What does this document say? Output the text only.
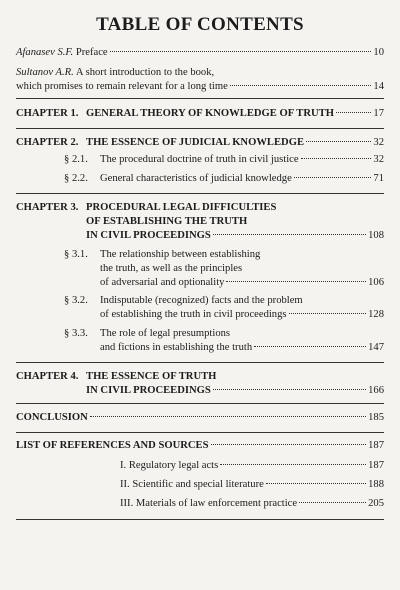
TABLE OF CONTENTS
Afanasev S.F. Preface	10
Sultanov A.R. A short introduction to the book,
which promises to remain relevant for a long time	14
CHAPTER 1. GENERAL THEORY OF KNOWLEDGE OF TRUTH	17
CHAPTER 2. THE ESSENCE OF JUDICIAL KNOWLEDGE	32
§ 2.1.	The procedural doctrine of truth in civil justice	32
§ 2.2.	General characteristics of judicial knowledge	71
CHAPTER 3. PROCEDURAL LEGAL DIFFICULTIES
OF ESTABLISHING THE TRUTH
IN CIVIL PROCEEDINGS	108
§ 3.1. The relationship between establishing
the truth, as well as the principles
of adversarial and optionality	106
§ 3.2. Indisputable (recognized) facts and the problem
of establishing the truth in civil proceedings	128
§ 3.3. The role of legal presumptions
and fictions in establishing the truth	147
CHAPTER 4. THE ESSENCE OF TRUTH
IN CIVIL PROCEEDINGS	166
CONCLUSION	185
LIST OF REFERENCES AND SOURCES	187
I. Regulatory legal acts	187
II. Scientific and special literature	188
III. Materials of law enforcement practice	205
